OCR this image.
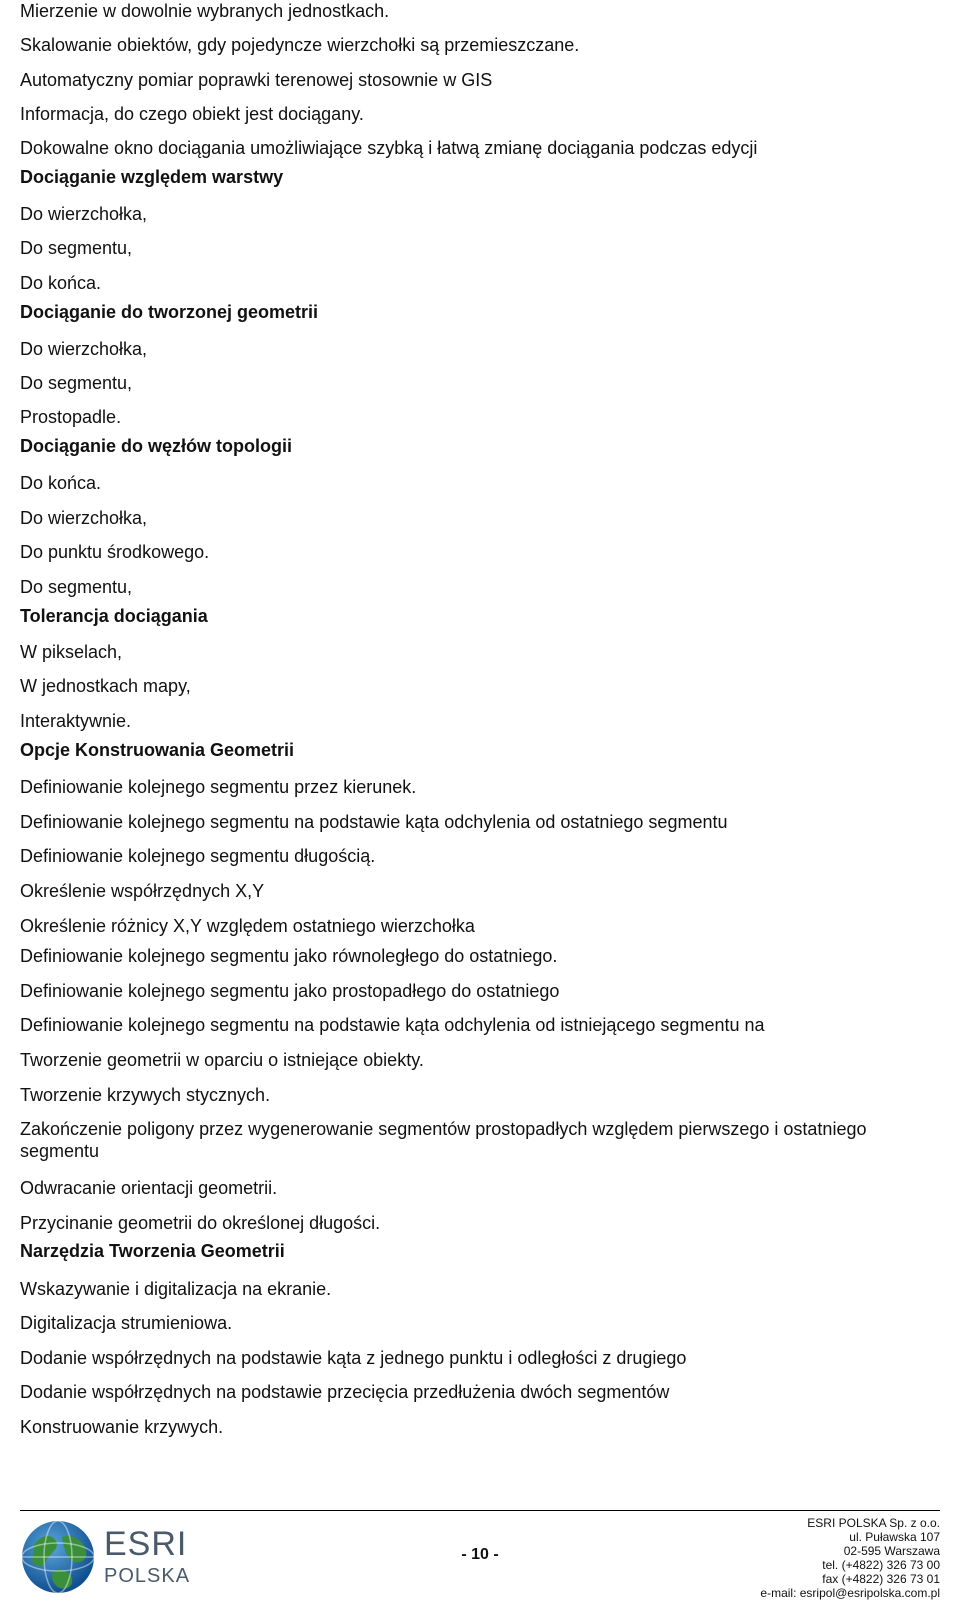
Mierzenie w dowolnie wybranych jednostkach.
Skalowanie obiektów, gdy pojedyncze wierzchołki są przemieszczane.
Automatyczny pomiar poprawki terenowej stosownie w GIS
Informacja, do czego obiekt jest dociągany.
Dokowalne okno dociągania umożliwiające szybką i łatwą zmianę dociągania podczas edycji
Dociąganie względem warstwy
Do wierzchołka,
Do segmentu,
Do końca.
Dociąganie do tworzonej geometrii
Do wierzchołka,
Do segmentu,
Prostopadle.
Dociąganie do węzłów topologii
Do końca.
Do wierzchołka,
Do punktu środkowego.
Do segmentu,
Tolerancja dociągania
W pikselach,
W jednostkach mapy,
Interaktywnie.
Opcje Konstruowania Geometrii
Definiowanie kolejnego segmentu przez kierunek.
Definiowanie kolejnego segmentu na podstawie kąta odchylenia od ostatniego segmentu
Definiowanie kolejnego segmentu długością.
Określenie współrzędnych X,Y
Określenie różnicy X,Y względem ostatniego wierzchołka
Definiowanie kolejnego segmentu jako równoległego do ostatniego.
Definiowanie kolejnego segmentu jako prostopadłego do ostatniego
Definiowanie kolejnego segmentu na podstawie kąta odchylenia od istniejącego segmentu na
Tworzenie geometrii w oparciu o istniejące obiekty.
Tworzenie krzywych stycznych.
Zakończenie poligony przez wygenerowanie segmentów prostopadłych względem pierwszego i ostatniego segmentu
Odwracanie orientacji geometrii.
Przycinanie geometrii do określonej długości.
Narzędzia Tworzenia Geometrii
Wskazywanie i digitalizacja na ekranie.
Digitalizacja strumieniowa.
Dodanie współrzędnych na podstawie kąta z jednego punktu i odległości z drugiego
Dodanie współrzędnych na podstawie przecięcia przedłużenia dwóch segmentów
Konstruowanie krzywych.
ESRI
POLSKA
- 10 -
ESRI POLSKA Sp. z o.o.
ul. Puławska 107
02-595 Warszawa
tel. (+4822) 326 73 00
fax (+4822) 326 73 01
e-mail: esripol@esripolska.com.pl
